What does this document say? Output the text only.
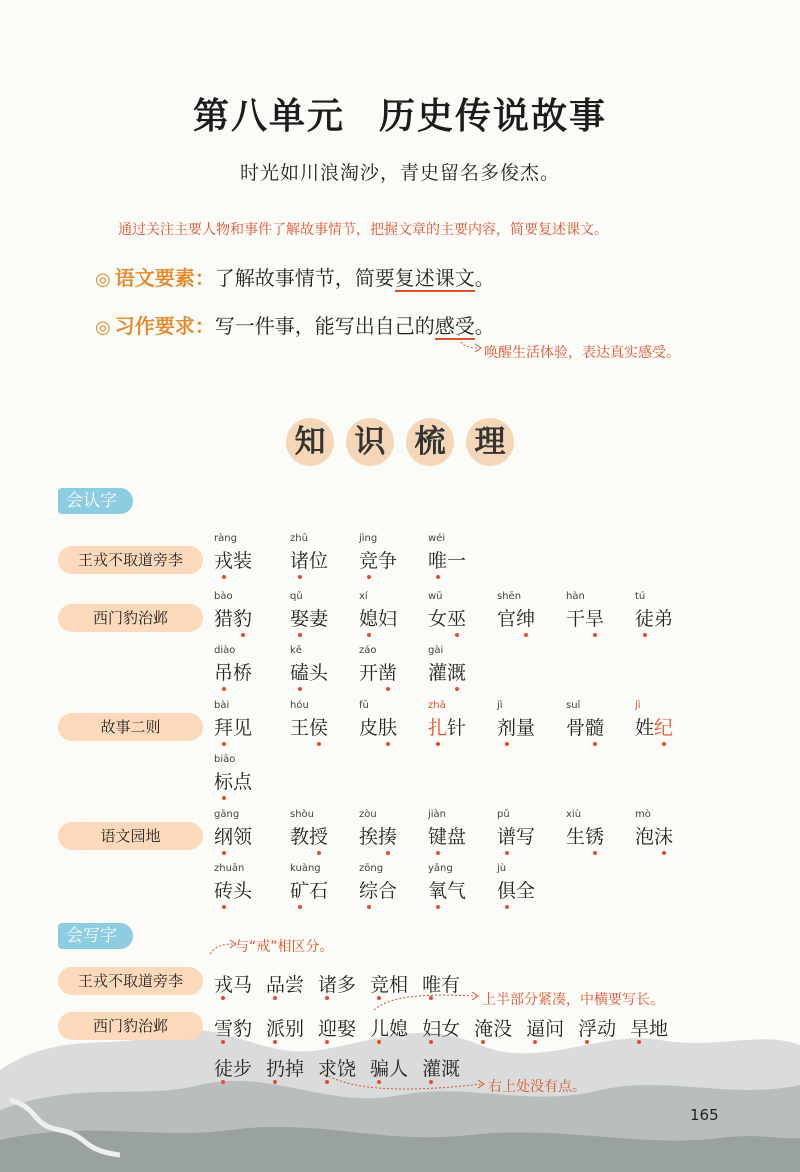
第八单元 历史传说故事
时光如川浪淘沙，青史留名多俊杰。
通过关注主要人物和事件了解故事情节，把握文章的主要内容，简要复述课文。
◎ 语文要素：了解故事情节，简要复述课文。
◎ 习作要求：写一件事，能写出自己的感受。
唤醒生活体验，表达真实感受。
知 识 梳 理
会认字
王戎不取道旁李
西门豹治邺
故事二则
语文园地
ràng
戎装
zhū
诸位
jìng
竞争
wéi
唯一
bào
猎豹
qǔ
娶妻
xí
媳妇
wū
女巫
shēn
官绅
hàn
干旱
tú
徒弟
diào
吊桥
kē
磕头
záo
开凿
gài
灌溉
bài
拜见
hóu
王侯
fū
皮肤
zhā
扎针
jì
剂量
suǐ
骨髓
jì
姓纪
biāo
标点
gāng
纲领
shòu
教授
zòu
挨揍
jiàn
键盘
pǔ
谱写
xiù
生锈
mò
泡沫
zhuān
砖头
kuàng
矿石
zōng
综合
yǎng
氧气
jù
俱全
会写字
与“戒”相区分。
王戎不取道旁李
西门豹治邺
戎马 品尝 诸多 竞相 唯有
雪豹 派别 迎娶 儿媳 妇女 淹没 逼问 浮动 旱地
徒步 扔掉 求饶 骗人 灌溉
上半部分紧凑，中横要写长。
右上处没有点。
165
